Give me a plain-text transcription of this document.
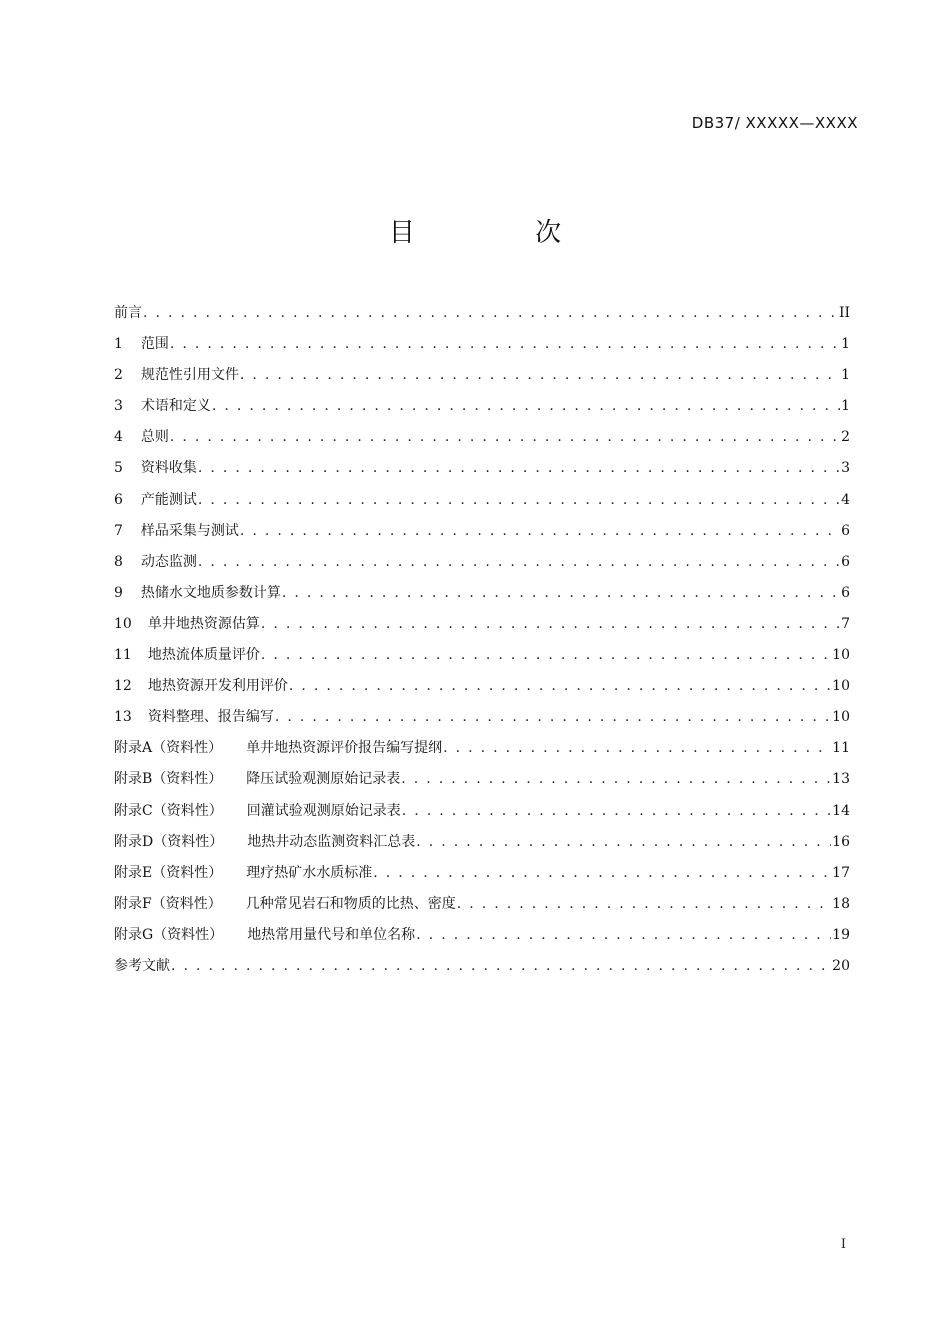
DB37/ XXXXX—XXXX
目 次
前言 . . .	II
1 范围 . . .	1
2 规范性引用文件 . . .	1
3 术语和定义 . . .	1
4 总则 . . .	2
5 资料收集 . . .	3
6 产能测试 . . .	4
7 样品采集与测试 . . .	6
8 动态监测 . . .	6
9 热储水文地质参数计算 . . .	6
10 单井地热资源估算 . . .	7
11 地热流体质量评价 . . .	10
12 地热资源开发利用评价 . . .	10
13 资料整理、报告编写 . . .	10
附录A（资料性） 单井地热资源评价报告编写提纲 . . .	11
附录B（资料性） 降压试验观测原始记录表 . . .	13
附录C（资料性） 回灌试验观测原始记录表 . . .	14
附录D（资料性） 地热井动态监测资料汇总表 . . .	16
附录E（资料性） 理疗热矿水水质标准 . . .	17
附录F（资料性） 几种常见岩石和物质的比热、密度 . . .	18
附录G（资料性） 地热常用量代号和单位名称 . . .	19
参考文献 . . .	20
I
